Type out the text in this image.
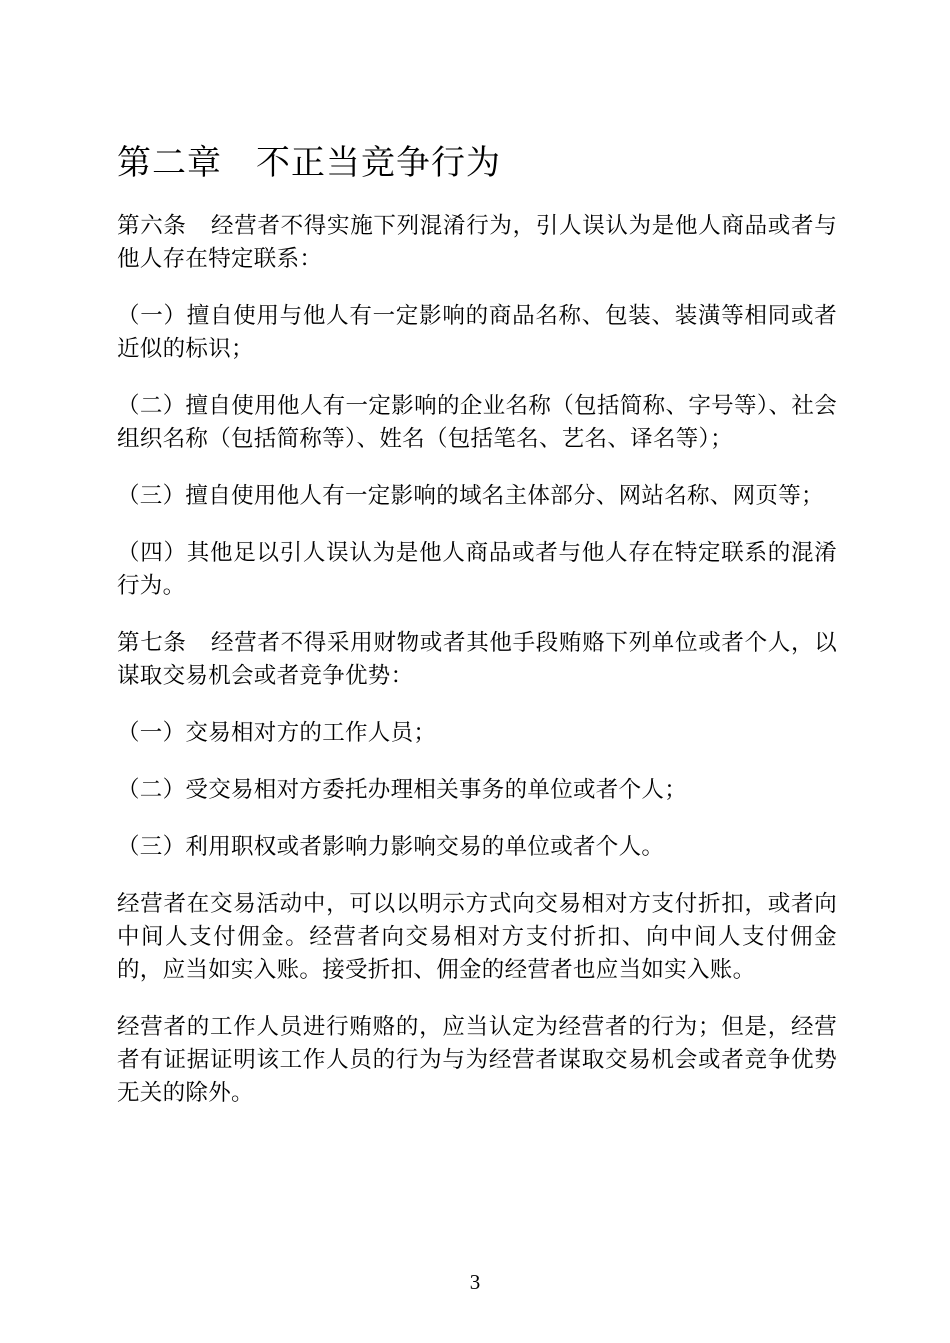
第二章 不正当竞争行为

第六条 经营者不得实施下列混淆行为，引人误认为是他人商品或者与他人存在特定联系：

（一）擅自使用与他人有一定影响的商品名称、包装、装潢等相同或者近似的标识；

（二）擅自使用他人有一定影响的企业名称（包括简称、字号等）、社会组织名称（包括简称等）、姓名（包括笔名、艺名、译名等）；

（三）擅自使用他人有一定影响的域名主体部分、网站名称、网页等；

（四）其他足以引人误认为是他人商品或者与他人存在特定联系的混淆行为。

第七条 经营者不得采用财物或者其他手段贿赂下列单位或者个人，以谋取交易机会或者竞争优势：

（一）交易相对方的工作人员；

（二）受交易相对方委托办理相关事务的单位或者个人；

（三）利用职权或者影响力影响交易的单位或者个人。

经营者在交易活动中，可以以明示方式向交易相对方支付折扣，或者向中间人支付佣金。经营者向交易相对方支付折扣、向中间人支付佣金的，应当如实入账。接受折扣、佣金的经营者也应当如实入账。

经营者的工作人员进行贿赂的，应当认定为经营者的行为；但是，经营者有证据证明该工作人员的行为与为经营者谋取交易机会或者竞争优势无关的除外。

3
